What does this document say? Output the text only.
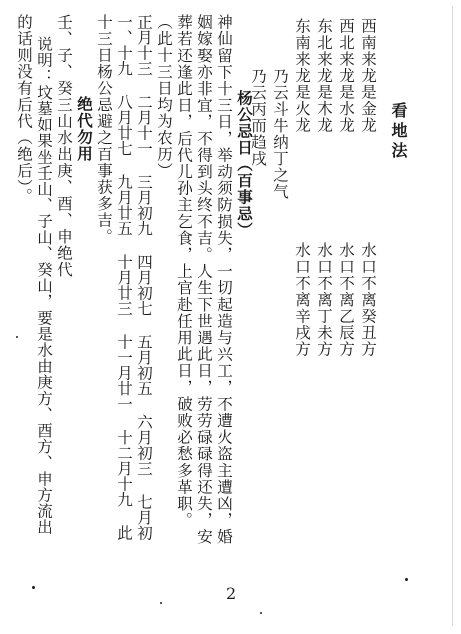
看地法
西南来龙是金龙
水口不离癸丑方
西北来龙是水龙
水口不离乙辰方
东北来龙是木龙
水口不离丁未方
东南来龙是火龙
水口不离辛戌方
乃云斗牛纳丁之气
乃云丙而趋戌
杨公忌日（百事忌）
神仙留下十三日，举动须防损失，一切起造与兴工，不遭火盗主遭凶，婚
姻嫁娶亦非宜，不得到头终不吉。人生下世遇此日，劳劳碌碌得还失，安
葬若还逢此日，后代儿孙主乞食，上官赴任用此日，破败必愁多革职。
（此十三日均为农历）
正月十三 二月十一 三月初九 四月初七 五月初五 六月初三 七月初
一、十九 八月廿七 九月廿五 十月廿三 十一月廿一 十二月十九 此
十三日杨公忌避之百事获多吉。
绝代勿用
壬、子、癸三山水出庚、酉、申绝代
说明：坟墓如果坐壬山、子山、癸山，要是水由庚方、酉方、申方流出
的话则没有后代（绝后）。
2
